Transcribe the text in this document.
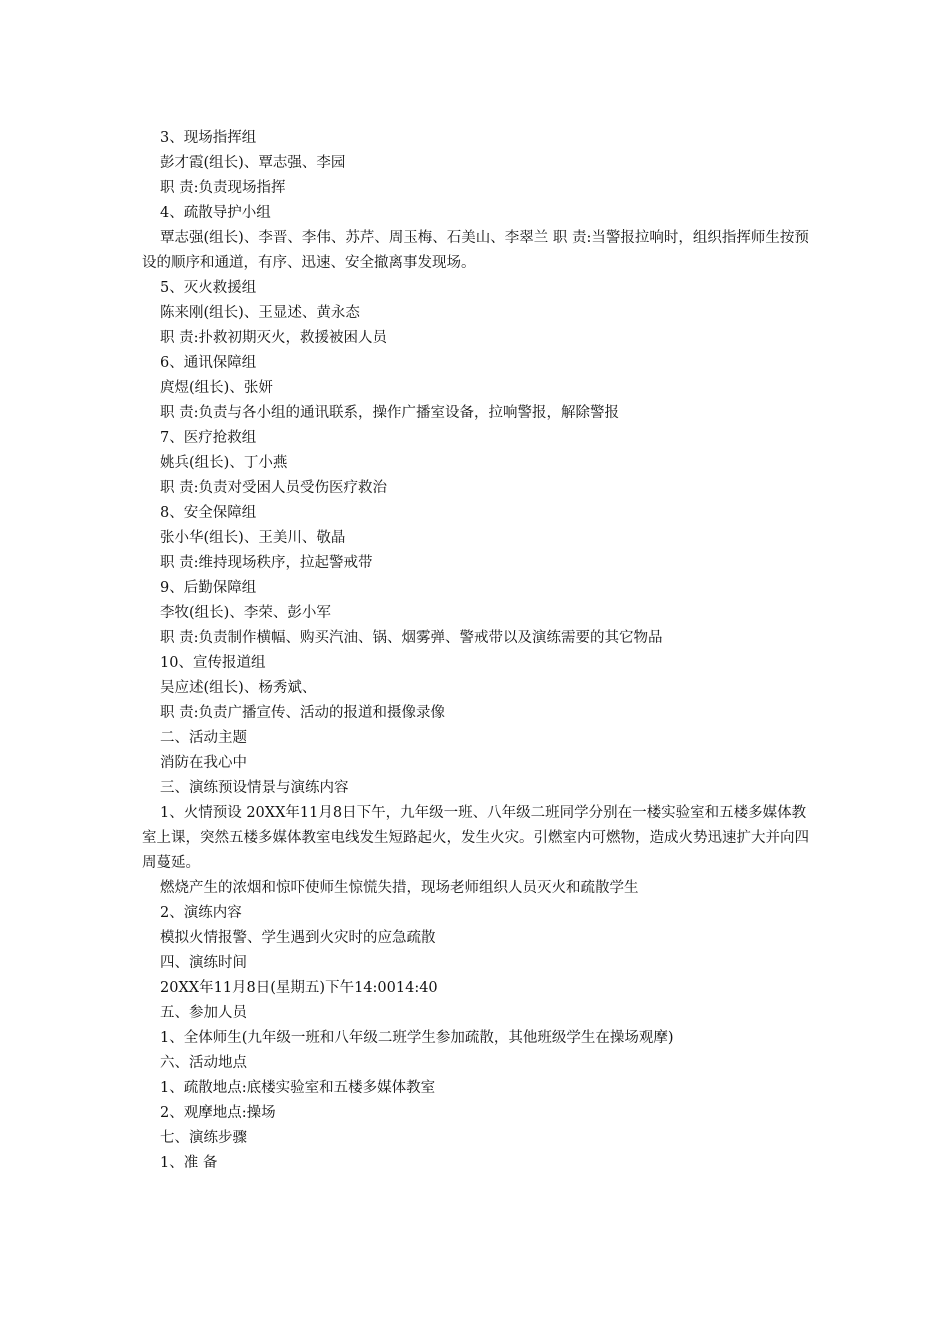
3、现场指挥组

彭才霞(组长)、覃志强、李园

职 责:负责现场指挥

4、疏散导护小组

覃志强(组长)、李晋、李伟、苏芹、周玉梅、石美山、李翠兰 职 责:当警报拉响时，组织指挥师生按预设的顺序和通道，有序、迅速、安全撤离事发现场。

5、灭火救援组

陈来刚(组长)、王显述、黄永态

职 责:扑救初期灭火，救援被困人员

6、通讯保障组

庹煜(组长)、张妍

职 责:负责与各小组的通讯联系，操作广播室设备，拉响警报，解除警报

7、医疗抢救组

姚兵(组长)、丁小燕

职 责:负责对受困人员受伤医疗救治

8、安全保障组

张小华(组长)、王美川、敬晶

职 责:维持现场秩序，拉起警戒带

9、后勤保障组

李牧(组长)、李荣、彭小军

职 责:负责制作横幅、购买汽油、锅、烟雾弹、警戒带以及演练需要的其它物品

10、宣传报道组

吴应述(组长)、杨秀斌、

职 责:负责广播宣传、活动的报道和摄像录像

二、活动主题

消防在我心中

三、演练预设情景与演练内容

1、火情预设 20XX年11月8日下午，九年级一班、八年级二班同学分别在一楼实验室和五楼多媒体教室上课，突然五楼多媒体教室电线发生短路起火，发生火灾。引燃室内可燃物，造成火势迅速扩大并向四周蔓延。

燃烧产生的浓烟和惊吓使师生惊慌失措，现场老师组织人员灭火和疏散学生

2、演练内容

模拟火情报警、学生遇到火灾时的应急疏散

四、演练时间

20XX年11月8日(星期五)下午14:0014:40

五、参加人员

1、全体师生(九年级一班和八年级二班学生参加疏散，其他班级学生在操场观摩)

六、活动地点

1、疏散地点:底楼实验室和五楼多媒体教室

2、观摩地点:操场

七、演练步骤

1、准 备
